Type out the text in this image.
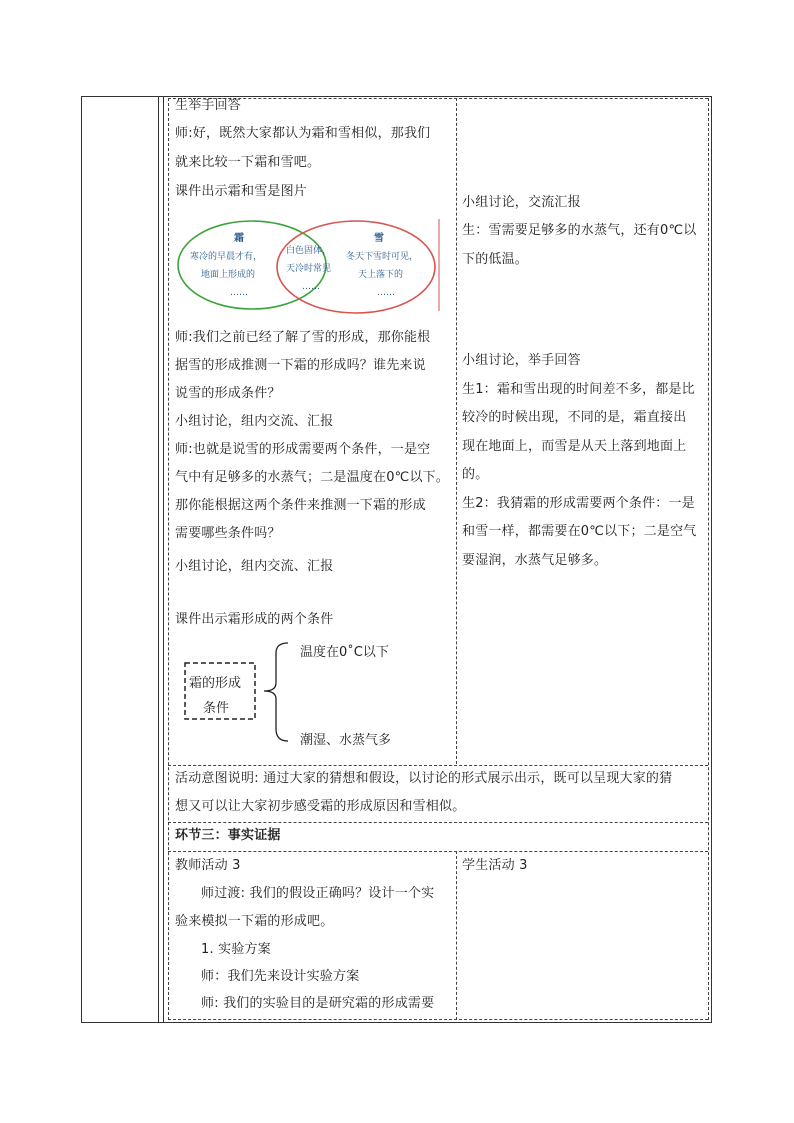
生举手回答
师:好，既然大家都认为霜和雪相似，那我们
就来比较一下霜和雪吧。
课件出示霜和雪是图片
霜
寒冷的早晨才有，
地面上形成的
……
白色固体，
天冷时常见
……
雪
冬天下雪时可见，
天上落下的
……
师:我们之前已经了解了雪的形成，那你能根
据雪的形成推测一下霜的形成吗？谁先来说
说雪的形成条件？
小组讨论，组内交流、汇报
师:也就是说雪的形成需要两个条件，一是空
气中有足够多的水蒸气；二是温度在0℃以下。
那你能根据这两个条件来推测一下霜的形成
需要哪些条件吗？
小组讨论，组内交流、汇报
课件出示霜形成的两个条件
霜的形成
条件
温度在0˚C以下
潮湿、水蒸气多
小组讨论，交流汇报
生：雪需要足够多的水蒸气，还有0℃以
下的低温。
小组讨论，举手回答
生1：霜和雪出现的时间差不多，都是比
较冷的时候出现，不同的是，霜直接出
现在地面上，而雪是从天上落到地面上
的。
生2：我猜霜的形成需要两个条件：一是
和雪一样，都需要在0℃以下；二是空气
要湿润，水蒸气足够多。
活动意图说明: 通过大家的猜想和假设，以讨论的形式展示出示，既可以呈现大家的猜
想又可以让大家初步感受霜的形成原因和雪相似。
环节三：事实证据
教师活动 3
师过渡: 我们的假设正确吗？设计一个实
验来模拟一下霜的形成吧。
1. 实验方案
师：我们先来设计实验方案
师: 我们的实验目的是研究霜的形成需要
学生活动 3
